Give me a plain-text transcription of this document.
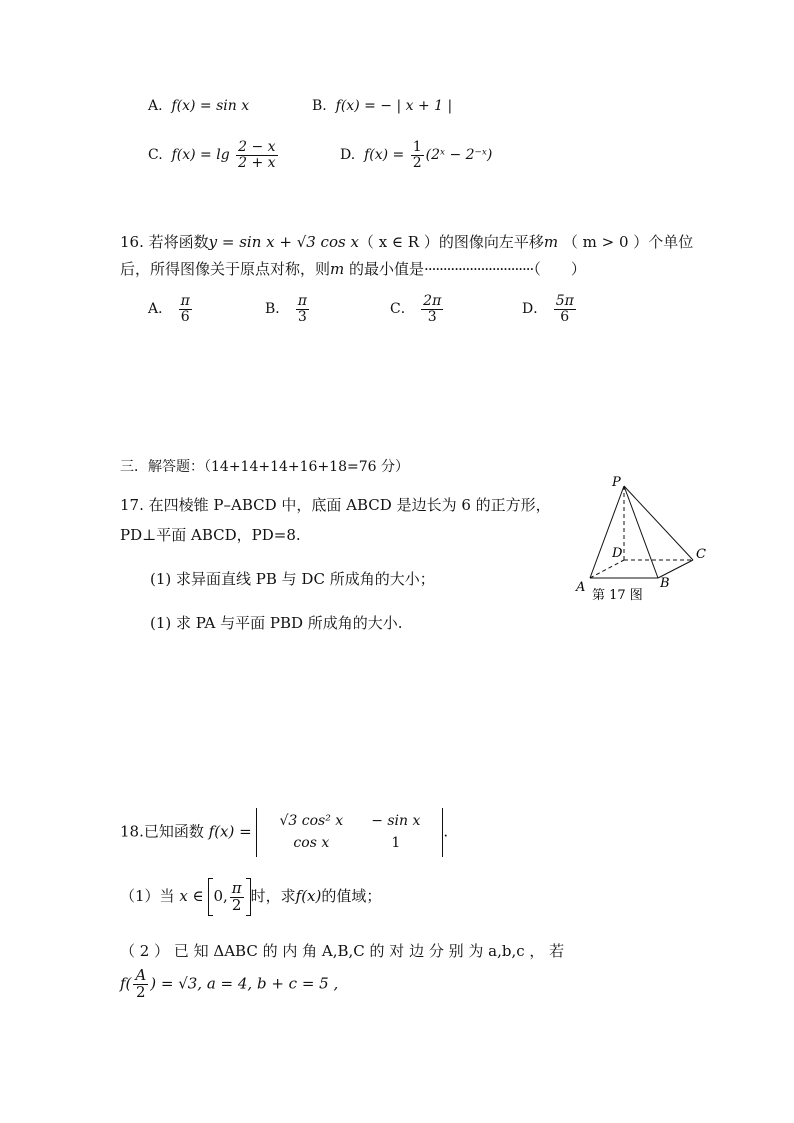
A. f(x) = sin x	B. f(x) = − | x + 1 |
C. $f(x) = \lg \frac{2 - x}{2 + x}$	D. $f(x) = \frac{1}{2}$ (2ˣ − 2⁻ˣ)
16. 若将函数y = sin x + √3 cos x（ x ∈ R ）的图像向左平移m （ m > 0 ）个单位
后，所得图像关于原点对称，则m 的最小值是·····························（　　）
A． $\frac{\pi}{6}$	B． $\frac{\pi}{3}$	C． $\frac{2\pi}{3}$	D． $\frac{5\pi}{6}$
三．解答题：（14+14+14+16+18=76 分）
17. 在四棱锥 P–ABCD 中，底面 ABCD 是边长为 6 的正方形，
PD⊥平面 ABCD，PD=8.
(1) 求异面直线 PB 与 DC 所成角的大小；
(1) 求 PA 与平面 PBD 所成角的大小.
P
D	C
A	B
第 17 图
18.已知函数 f(x) =
√3 cos² x	− sin x
cos x	1
.
（1）当 x ∈ 0, $\frac{\pi}{2}$ 时，求f(x)的值域；
（ 2 ） 已 知 ΔABC 的 内 角 A,B,C 的 对 边 分 别 为 a,b,c ， 若
$f( \frac{A}{2}$ ) = √3, a = 4, b + c = 5 ,
